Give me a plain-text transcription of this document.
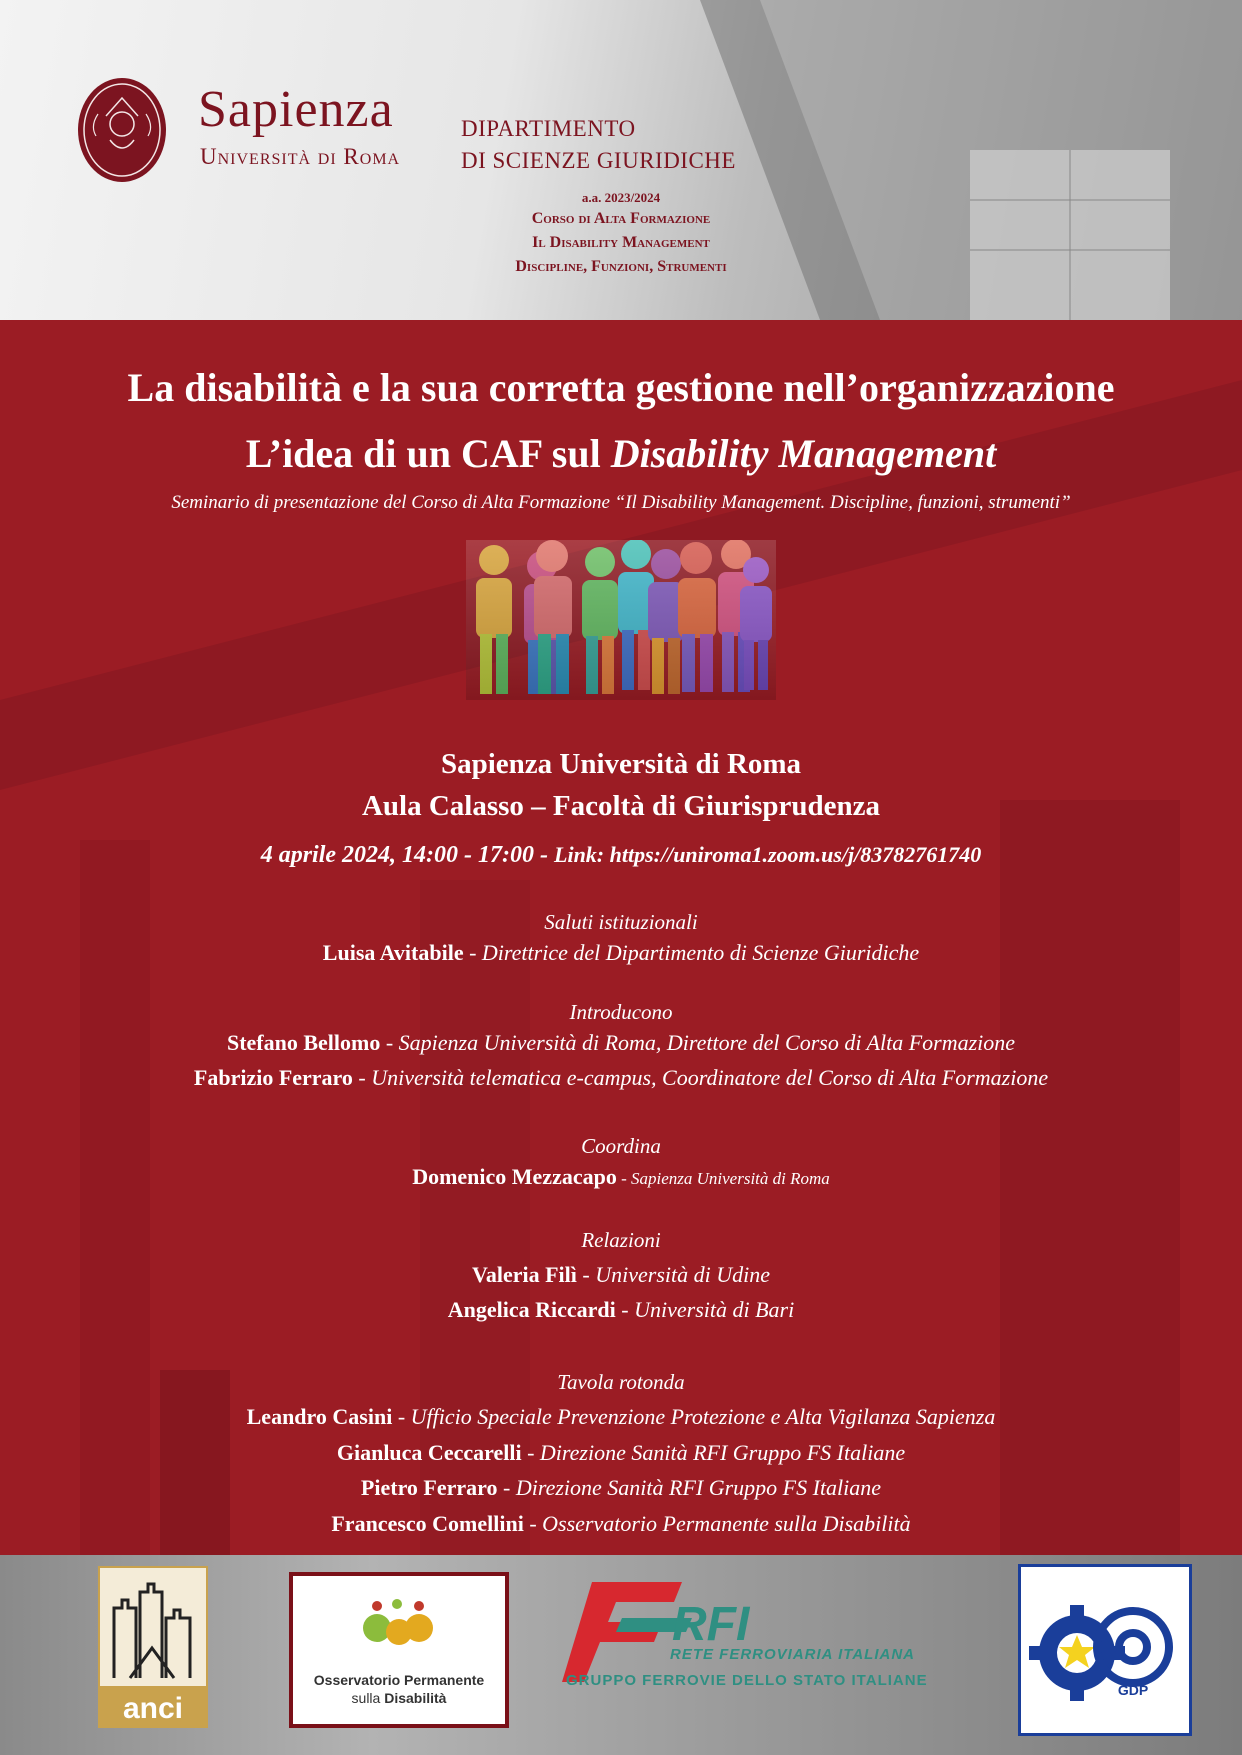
Sapienza
Università di Roma
DIPARTIMENTO
DI SCIENZE GIURIDICHE
a.a. 2023/2024
Corso di Alta Formazione
Il Disability Management
Discipline, Funzioni, Strumenti
La disabilità e la sua corretta gestione nell’organizzazione
L’idea di un CAF sul Disability Management
Seminario di presentazione del Corso di Alta Formazione “Il Disability Management. Discipline, funzioni, strumenti”
Sapienza Università di Roma
Aula Calasso – Facoltà di Giurisprudenza
4 aprile 2024, 14:00 - 17:00 - Link: https://uniroma1.zoom.us/j/83782761740
Saluti istituzionali
Luisa Avitabile - Direttrice del Dipartimento di Scienze Giuridiche
Introducono
Stefano Bellomo - Sapienza Università di Roma, Direttore del Corso di Alta Formazione
Fabrizio Ferraro - Università telematica e-campus, Coordinatore del Corso di Alta Formazione
Coordina
Domenico Mezzacapo - Sapienza Università di Roma
Relazioni
Valeria Filì - Università di Udine
Angelica Riccardi - Università di Bari
Tavola rotonda
Leandro Casini - Ufficio Speciale Prevenzione Protezione e Alta Vigilanza Sapienza
Gianluca Ceccarelli - Direzione Sanità RFI Gruppo FS Italiane
Pietro Ferraro - Direzione Sanità RFI Gruppo FS Italiane
Francesco Comellini - Osservatorio Permanente sulla Disabilità
anci
Osservatorio Permanente
sulla Disabilità
RFI
RETE FERROVIARIA ITALIANA
GRUPPO FERROVIE DELLO STATO ITALIANE
GDP
